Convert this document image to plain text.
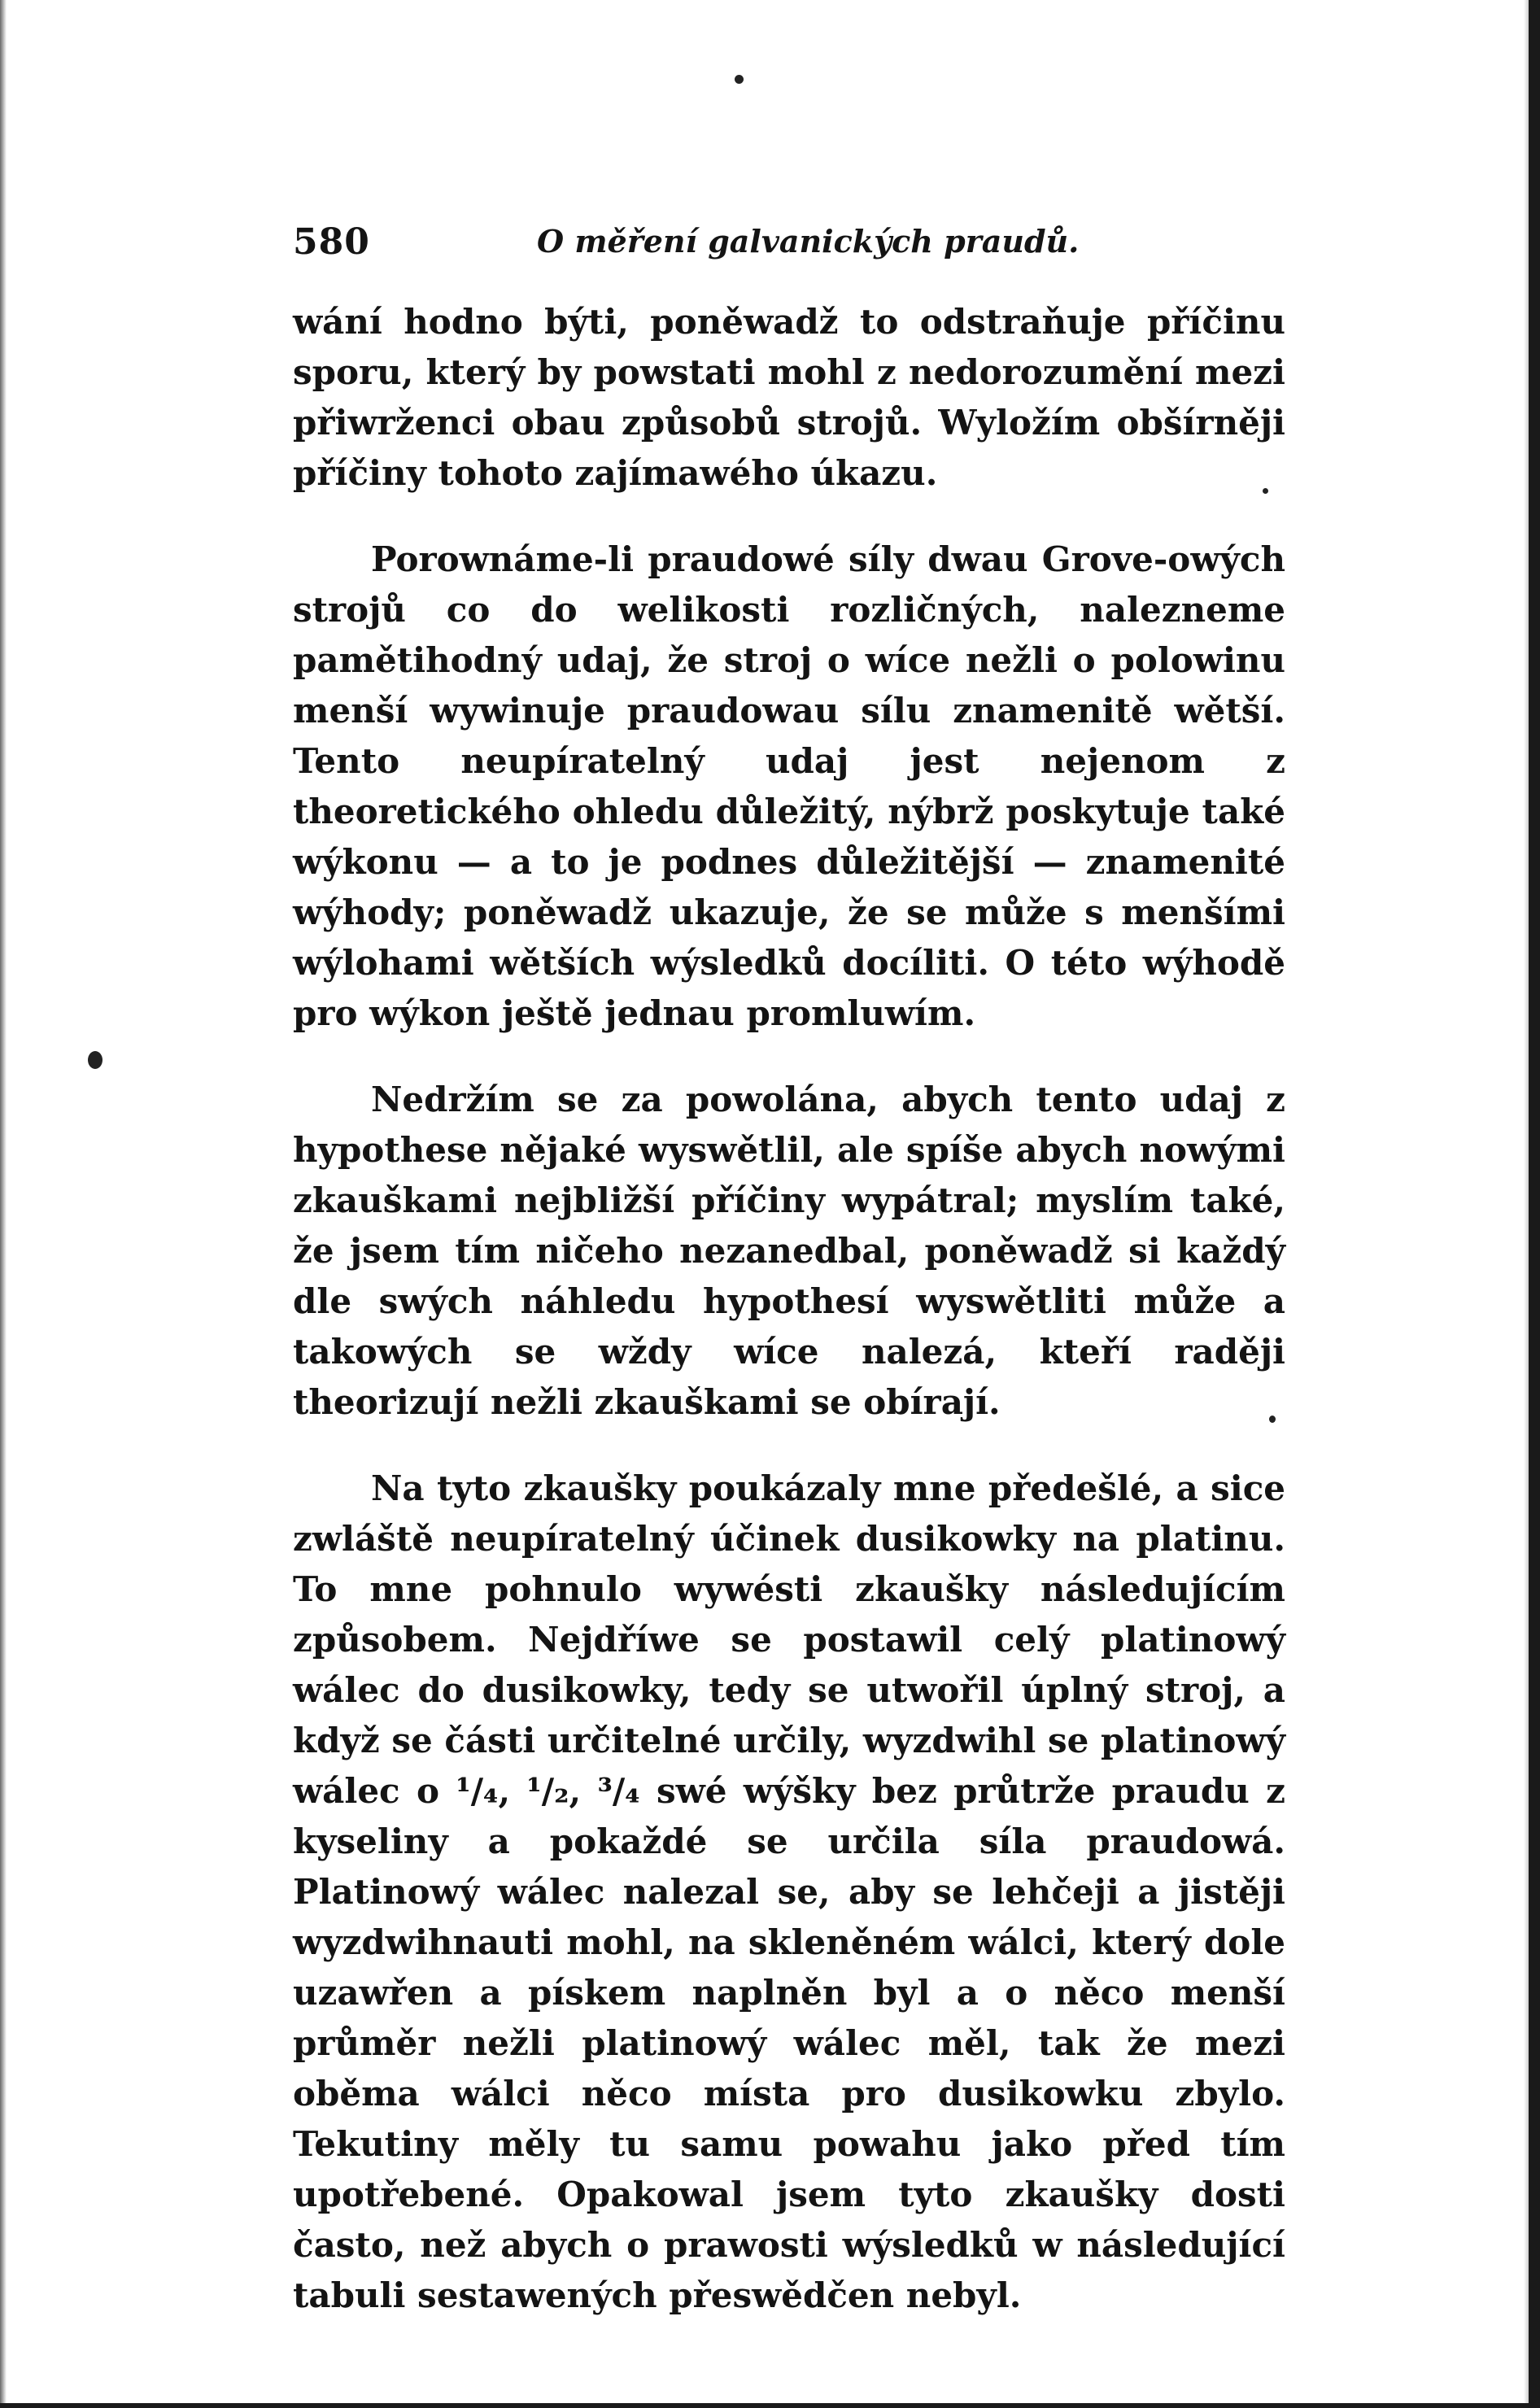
580	O měření galvanických praudů.

wání hodno býti, poněwadž to odstraňuje příčinu sporu, který by powstati mohl z nedorozumění mezi přiwrženci obau způsobů strojů. Wyložím obšírněji příčiny tohoto zajímawého úkazu.

Porownáme-li praudowé síly dwau Grove-owých strojů co do welikosti rozličných, nalezneme pamětihodný udaj, že stroj o wíce nežli o polowinu menší wywinuje praudowau sílu znamenitě wětší. Tento neupíratelný udaj jest nejenom z theoretického ohledu důležitý, nýbrž poskytuje také wýkonu — a to je podnes důležitější — znamenité wýhody; poněwadž ukazuje, že se může s menšími wýlohami wětších wýsledků docíliti. O této wýhodě pro wýkon ještě jednau promluwím.

Nedržím se za powolána, abych tento udaj z hypothese nějaké wyswětlil, ale spíše abych nowými zkauškami nejbližší příčiny wypátral; myslím také, že jsem tím ničeho nezanedbal, poněwadž si každý dle swých náhledu hypothesí wyswětliti může a takowých se wždy wíce nalezá, kteří raději theorizují nežli zkauškami se obírají.

Na tyto zkaušky poukázaly mne předešlé, a sice zwláště neupíratelný účinek dusikowky na platinu. To mne pohnulo wywésti zkaušky následujícím způsobem. Nejdříwe se postawil celý platinowý wálec do dusikowky, tedy se utwořil úplný stroj, a když se části určitelné určily, wyzdwihl se platinowý wálec o ¹/₄, ¹/₂, ³/₄ swé wýšky bez průtrže praudu z kyseliny a pokaždé se určila síla praudowá. Platinowý wálec nalezal se, aby se lehčeji a jistěji wyzdwihnauti mohl, na skleněném wálci, který dole uzawřen a pískem naplněn byl a o něco menší průměr nežli platinowý wálec měl, tak že mezi oběma wálci něco místa pro dusikowku zbylo. Tekutiny měly tu samu powahu jako před tím upotřebené. Opakowal jsem tyto zkaušky dosti často, než abych o prawosti wýsledků w následující tabuli sestawených přeswědčen nebyl.
